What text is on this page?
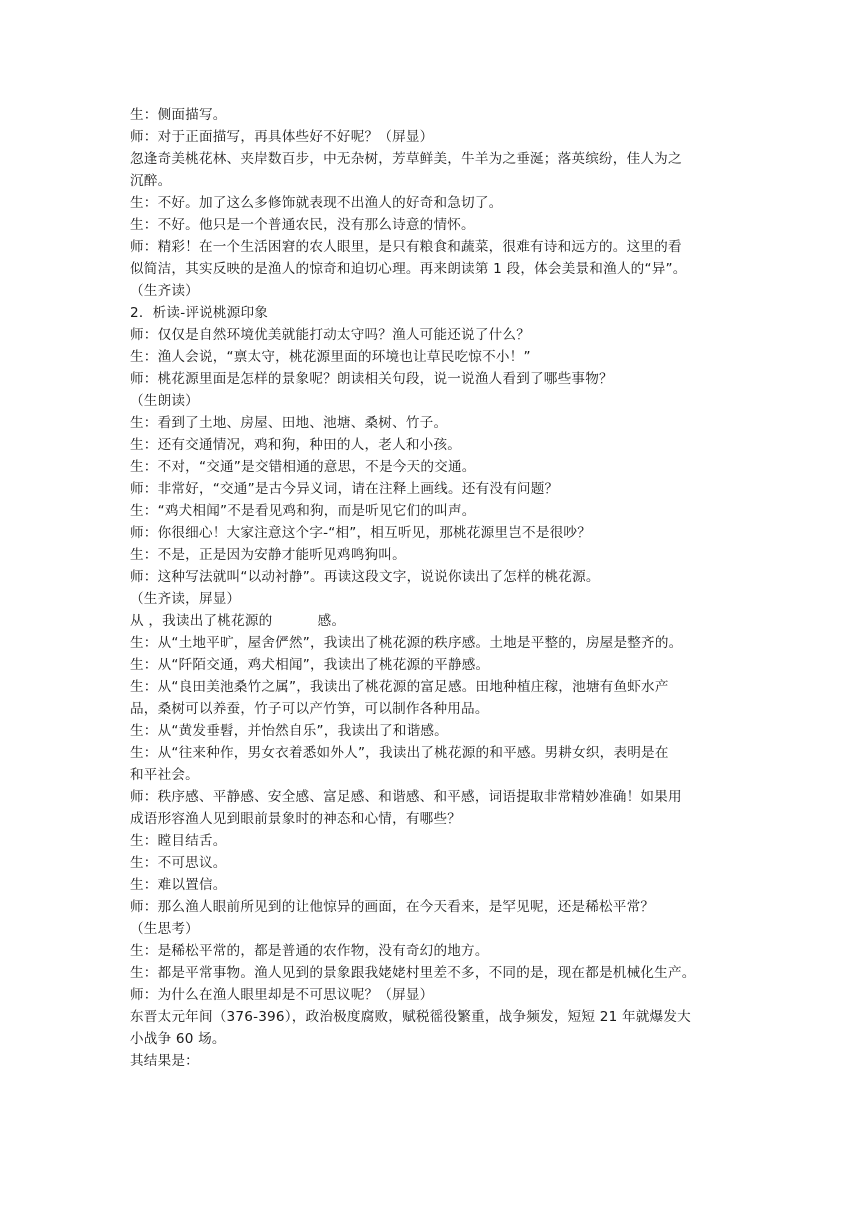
生：侧面描写。

师：对于正面描写，再具体些好不好呢？（屏显）

忽逢奇美桃花林、夹岸数百步，中无杂树，芳草鲜美，牛羊为之垂涎；落英缤纷，佳人为之

沉醉。

生：不好。加了这么多修饰就表现不出渔人的好奇和急切了。

生：不好。他只是一个普通农民，没有那么诗意的情怀。

师：精彩！在一个生活困窘的农人眼里，是只有粮食和蔬菜，很难有诗和远方的。这里的看

似简洁，其实反映的是渔人的惊奇和迫切心理。再来朗读第 1 段，体会美景和渔人的“异”。

（生齐读）

2．析读-评说桃源印象

师：仅仅是自然环境优美就能打动太守吗？渔人可能还说了什么？

生：渔人会说，“禀太守，桃花源里面的环境也让草民吃惊不小！”

师：桃花源里面是怎样的景象呢？朗读相关句段，说一说渔人看到了哪些事物？

（生朗读）

生：看到了土地、房屋、田地、池塘、桑树、竹子。

生：还有交通情况，鸡和狗，种田的人，老人和小孩。

生：不对，“交通”是交错相通的意思，不是今天的交通。

师：非常好，“交通”是古今异义词，请在注释上画线。还有没有问题？

生：“鸡犬相闻”不是看见鸡和狗，而是听见它们的叫声。

师：你很细心！大家注意这个字-“相”，相互听见，那桃花源里岂不是很吵？

生：不是，正是因为安静才能听见鸡鸣狗叫。

师：这种写法就叫“以动衬静”。再读这段文字，说说你读出了怎样的桃花源。

（生齐读，屏显）

从 ，我读出了桃花源的          感。

生：从“土地平旷，屋舍俨然”，我读出了桃花源的秩序感。土地是平整的，房屋是整齐的。

生：从“阡陌交通，鸡犬相闻”，我读出了桃花源的平静感。

生：从“良田美池桑竹之属”，我读出了桃花源的富足感。田地种植庄稼，池塘有鱼虾水产

品，桑树可以养蚕，竹子可以产竹笋，可以制作各种用品。

生：从“黄发垂髫，并怡然自乐”，我读出了和谐感。

生：从“往来种作，男女衣着悉如外人”，我读出了桃花源的和平感。男耕女织，表明是在

和平社会。

师：秩序感、平静感、安全感、富足感、和谐感、和平感，词语提取非常精妙准确！如果用

成语形容渔人见到眼前景象时的神态和心情，有哪些？

生：瞠目结舌。

生：不可思议。

生：难以置信。

师：那么渔人眼前所见到的让他惊异的画面，在今天看来，是罕见呢，还是稀松平常？

（生思考）

生：是稀松平常的，都是普通的农作物，没有奇幻的地方。

生：都是平常事物。渔人见到的景象跟我姥姥村里差不多，不同的是，现在都是机械化生产。

师：为什么在渔人眼里却是不可思议呢？（屏显）

东晋太元年间（376-396），政治极度腐败，赋税徭役繁重，战争频发，短短 21 年就爆发大

小战争 60 场。

其结果是：
